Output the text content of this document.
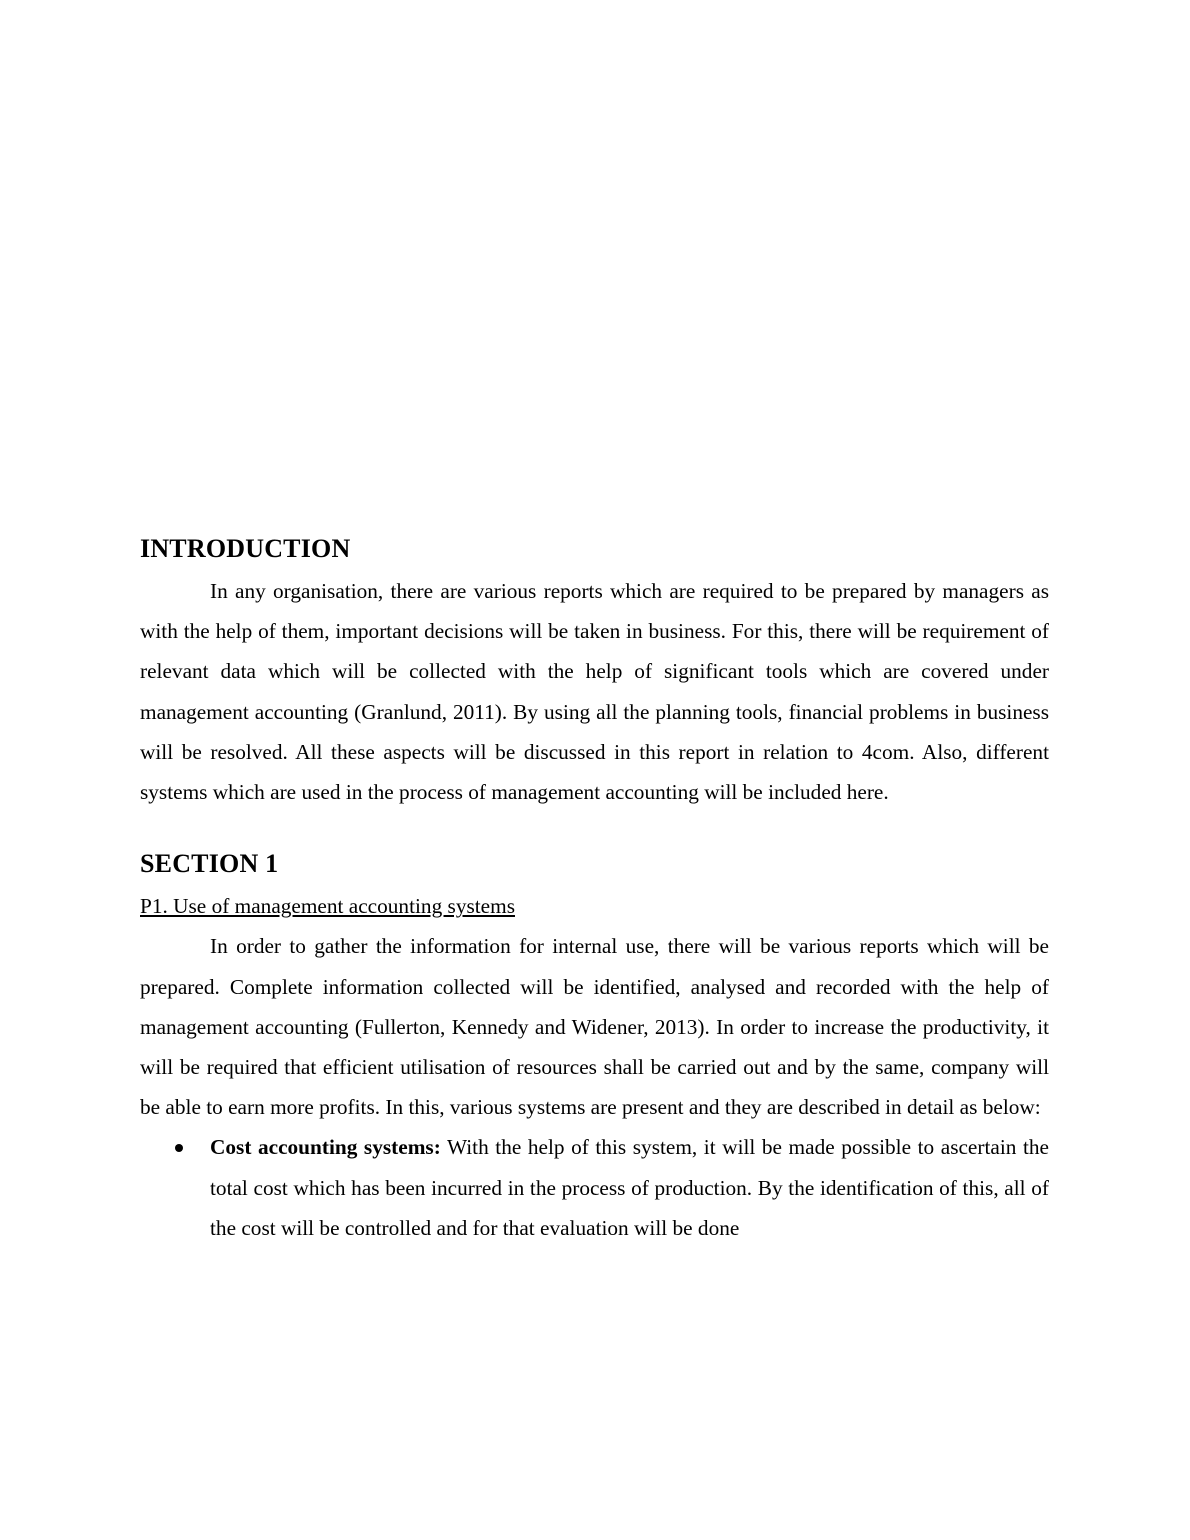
INTRODUCTION

In any organisation, there are various reports which are required to be prepared by managers as with the help of them, important decisions will be taken in business. For this, there will be requirement of relevant data which will be collected with the help of significant tools which are covered under management accounting (Granlund, 2011). By using all the planning tools, financial problems in business will be resolved. All these aspects will be discussed in this report in relation to 4com. Also, different systems which are used in the process of management accounting will be included here.

SECTION 1
P1. Use of management accounting systems

In order to gather the information for internal use, there will be various reports which will be prepared. Complete information collected will be identified, analysed and recorded with the help of management accounting (Fullerton, Kennedy and Widener, 2013). In order to increase the productivity, it will be required that efficient utilisation of resources shall be carried out and by the same, company will be able to earn more profits. In this, various systems are present and they are described in detail as below:

Cost accounting systems: With the help of this system, it will be made possible to ascertain the total cost which has been incurred in the process of production. By the identification of this, all of the cost will be controlled and for that evaluation will be done
